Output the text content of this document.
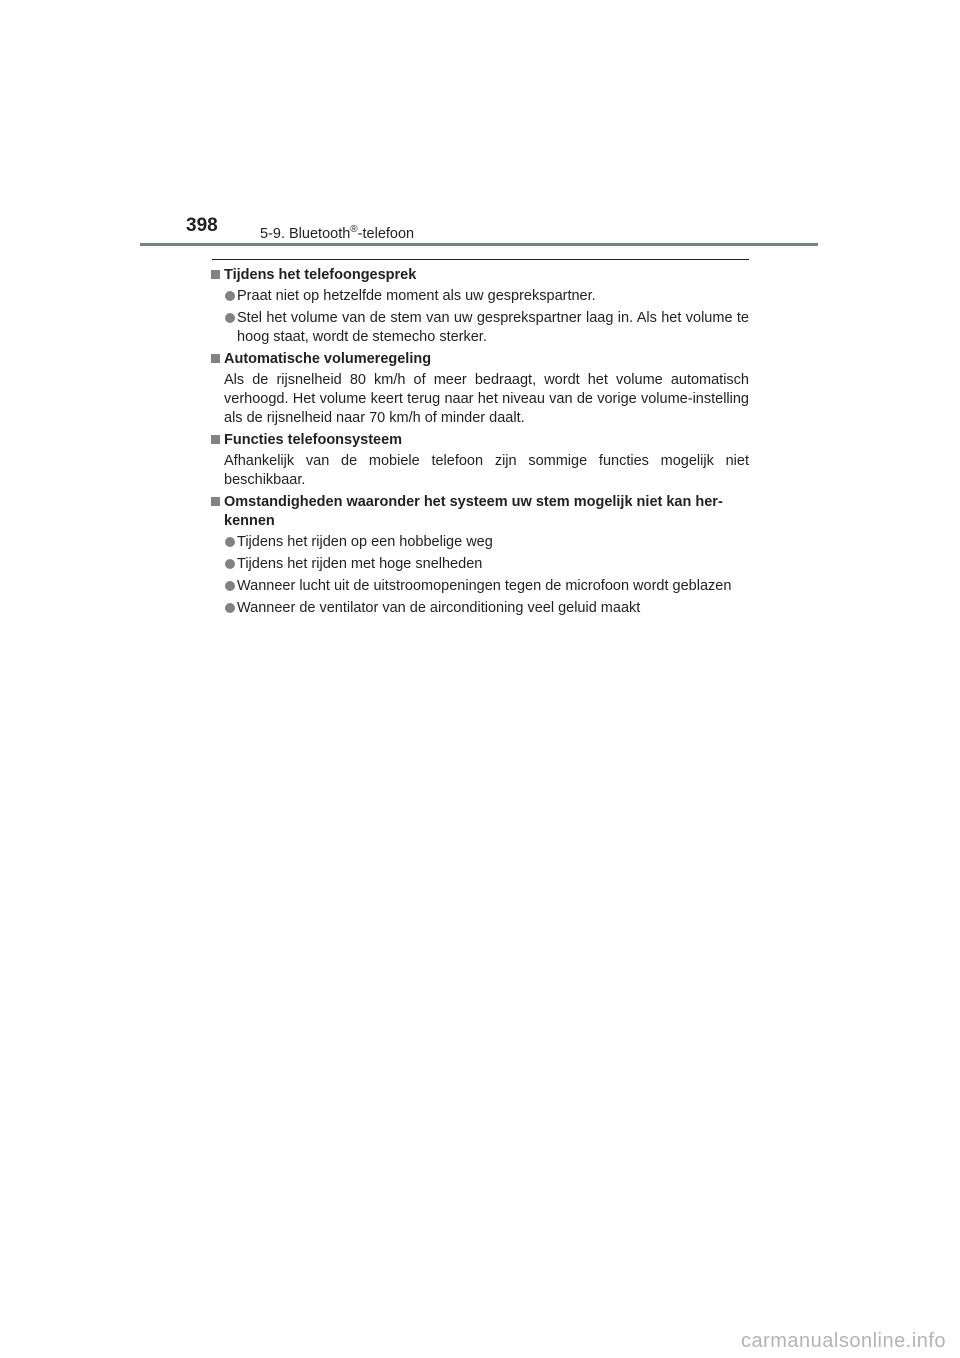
398	5-9. Bluetooth®-telefoon
Tijdens het telefoongesprek
Praat niet op hetzelfde moment als uw gesprekspartner.
Stel het volume van de stem van uw gesprekspartner laag in. Als het volume te hoog staat, wordt de stemecho sterker.
Automatische volumeregeling
Als de rijsnelheid 80 km/h of meer bedraagt, wordt het volume automatisch verhoogd. Het volume keert terug naar het niveau van de vorige volume-instelling als de rijsnelheid naar 70 km/h of minder daalt.
Functies telefoonsysteem
Afhankelijk van de mobiele telefoon zijn sommige functies mogelijk niet beschikbaar.
Omstandigheden waaronder het systeem uw stem mogelijk niet kan her-kennen
Tijdens het rijden op een hobbelige weg
Tijdens het rijden met hoge snelheden
Wanneer lucht uit de uitstroomopeningen tegen de microfoon wordt geblazen
Wanneer de ventilator van de airconditioning veel geluid maakt
carmanualsonline.info
